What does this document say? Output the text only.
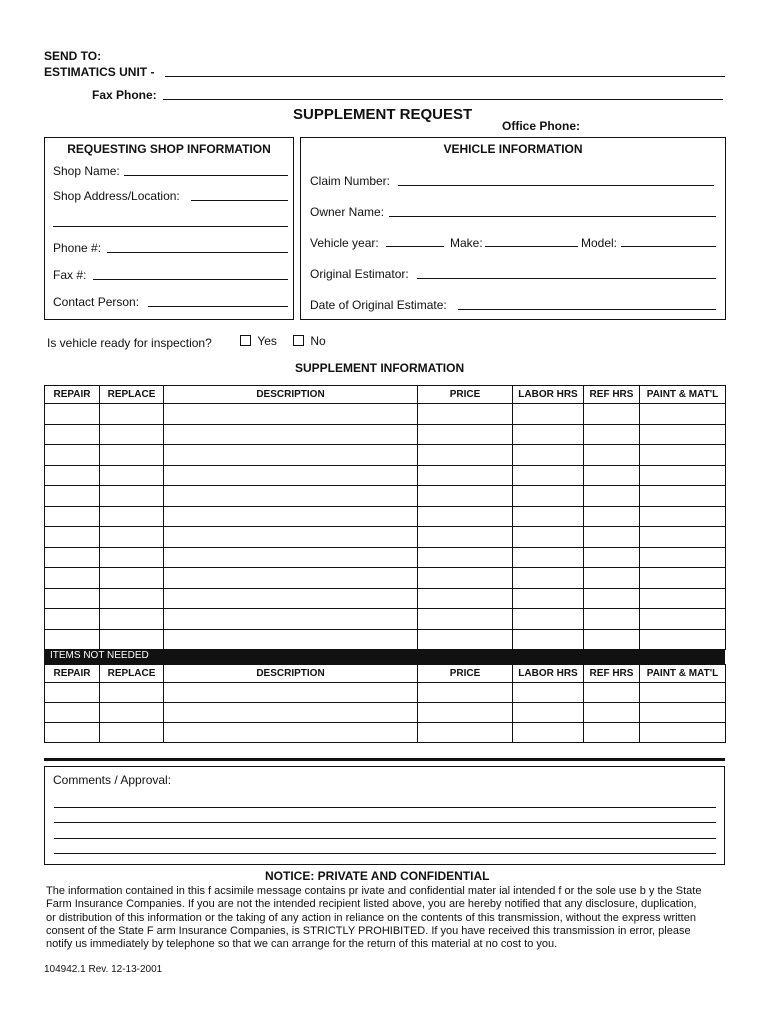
SEND TO:
ESTIMATICS UNIT -
Fax Phone:
SUPPLEMENT REQUEST
Office Phone:
REQUESTING SHOP INFORMATION
Shop Name:
Shop Address/Location:
Phone #:
Fax #:
Contact Person:
VEHICLE INFORMATION
Claim Number:
Owner Name:
Vehicle year:	Make:	Model:
Original Estimator:
Date of Original Estimate:
Is vehicle ready for inspection?	Yes	No
SUPPLEMENT INFORMATION
REPAIR	REPLACE	DESCRIPTION	PRICE	LABOR HRS	REF HRS	PAINT & MAT'L

ITEMS NOT NEEDED
REPAIR	REPLACE	DESCRIPTION	PRICE	LABOR HRS	REF HRS	PAINT & MAT'L

Comments / Approval:
NOTICE: PRIVATE AND CONFIDENTIAL
The information contained in this f acsimile message contains pr ivate and confidential mater ial intended f or the sole use b y the State
Farm Insurance Companies. If you are not the intended recipient listed above, you are hereby notified that any disclosure, duplication,
or distribution of this information or the taking of any action in reliance on the contents of this transmission, without the express written
consent of the State F arm Insurance Companies, is STRICTLY PROHIBITED. If you have received this transmission in error, please
notify us immediately by telephone so that we can arrange for the return of this material at no cost to you.
104942.1 Rev. 12-13-2001
